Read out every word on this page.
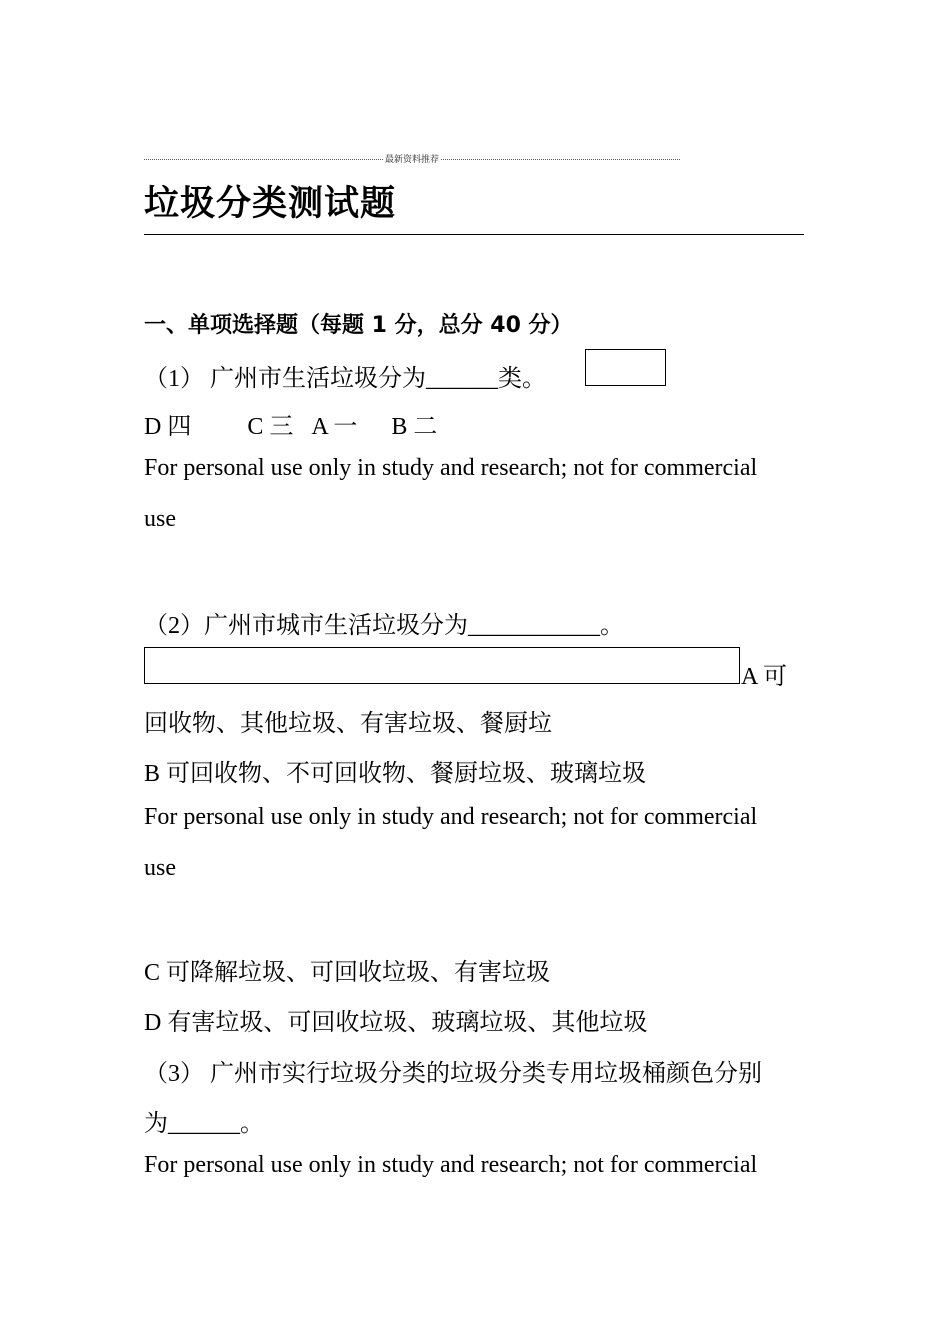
最新资料推荐
垃圾分类测试题
一、单项选择题（每题 1 分，总分 40 分）
（1） 广州市生活垃圾分为______类。
D 四 C 三 A 一 B 二
For personal use only in study and research; not for commercial
use
（2）广州市城市生活垃圾分为___________。
A 可
回收物、其他垃圾、有害垃圾、餐厨垃
B 可回收物、不可回收物、餐厨垃圾、玻璃垃圾
For personal use only in study and research; not for commercial
use
C 可降解垃圾、可回收垃圾、有害垃圾
D 有害垃圾、可回收垃圾、玻璃垃圾、其他垃圾
（3） 广州市实行垃圾分类的垃圾分类专用垃圾桶颜色分别
为______。
For personal use only in study and research; not for commercial
